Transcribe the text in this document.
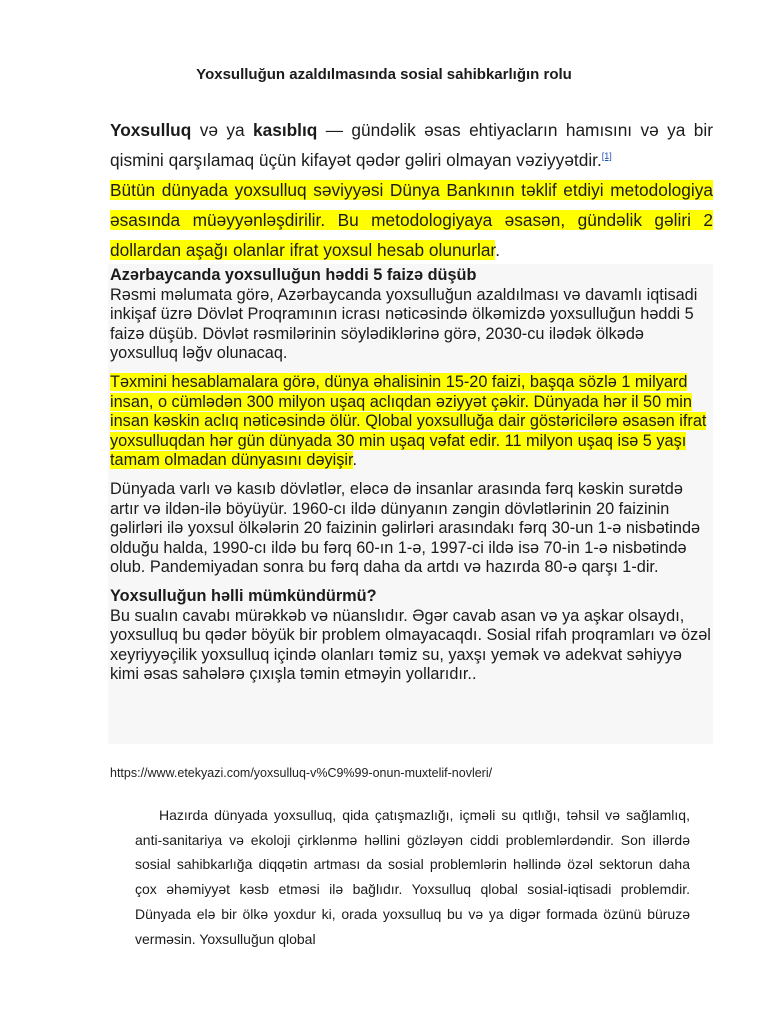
Yoxsulluğun azaldılmasında sosial sahibkarlığın rolu

Yoxsulluq və ya kasıblıq — gündəlik əsas ehtiyacların hamısını və ya bir qismini qarşılamaq üçün kifayət qədər gəliri olmayan vəziyyətdir.[1]

Bütün dünyada yoxsulluq səviyyəsi Dünya Bankının təklif etdiyi metodologiya əsasında müəyyənləşdirilir. Bu metodologiyaya əsasən, gündəlik gəliri 2 dollardan aşağı olanlar ifrat yoxsul hesab olunurlar.

Azərbaycanda yoxsulluğun həddi 5 faizə düşüb

Rəsmi məlumata görə, Azərbaycanda yoxsulluğun azaldılması və davamlı iqtisadi inkişaf üzrə Dövlət Proqramının icrası nəticəsində ölkəmizdə yoxsulluğun həddi 5 faizə düşüb. Dövlət rəsmilərinin söylədiklərinə görə, 2030-cu ilədək ölkədə yoxsulluq ləğv olunacaq.

Təxmini hesablamalara görə, dünya əhalisinin 15-20 faizi, başqa sözlə 1 milyard insan, o cümlədən 300 milyon uşaq aclıqdan əziyyət çəkir. Dünyada hər il 50 min insan kəskin aclıq nəticəsində ölür. Qlobal yoxsulluğa dair göstəricilərə əsasən ifrat yoxsulluqdan hər gün dünyada 30 min uşaq vəfat edir. 11 milyon uşaq isə 5 yaşı tamam olmadan dünyasını dəyişir.

Dünyada varlı və kasıb dövlətlər, eləcə də insanlar arasında fərq kəskin surətdə artır və ildən-ilə böyüyür. 1960-cı ildə dünyanın zəngin dövlətlərinin 20 faizinin gəlirləri ilə yoxsul ölkələrin 20 faizinin gəlirləri arasındakı fərq 30-un 1-ə nisbətində olduğu halda, 1990-cı ildə bu fərq 60-ın 1-ə, 1997-ci ildə isə 70-in 1-ə nisbətində olub. Pandemiyadan sonra bu fərq daha da artdı və hazırda 80-ə qarşı 1-dir.

Yoxsulluğun həlli mümkündürmü?

Bu sualın cavabı mürəkkəb və nüanslıdır. Əgər cavab asan və ya aşkar olsaydı, yoxsulluq bu qədər böyük bir problem olmayacaqdı. Sosial rifah proqramları və özəl xeyriyyəçilik yoxsulluq içində olanları təmiz su, yaxşı yemək və adekvat səhiyyə kimi əsas sahələrə çıxışla təmin etməyin yollarıdır..

https://www.etekyazi.com/yoxsulluq-v%C9%99-onun-muxtelif-novleri/

Hazırda dünyada yoxsulluq, qida çatışmazlığı, içməli su qıtlığı, təhsil və sağlamlıq, anti-sanitariya və ekoloji çirklənmə həllini gözləyən ciddi problemlərdəndir. Son illərdə sosial sahibkarlığa diqqətin artması da sosial problemlərin həllində özəl sektorun daha çox əhəmiyyət kəsb etməsi ilə bağlıdır. Yoxsulluq qlobal sosial-iqtisadi problemdir. Dünyada elə bir ölkə yoxdur ki, orada yoxsulluq bu və ya digər formada özünü büruzə verməsin. Yoxsulluğun qlobal
